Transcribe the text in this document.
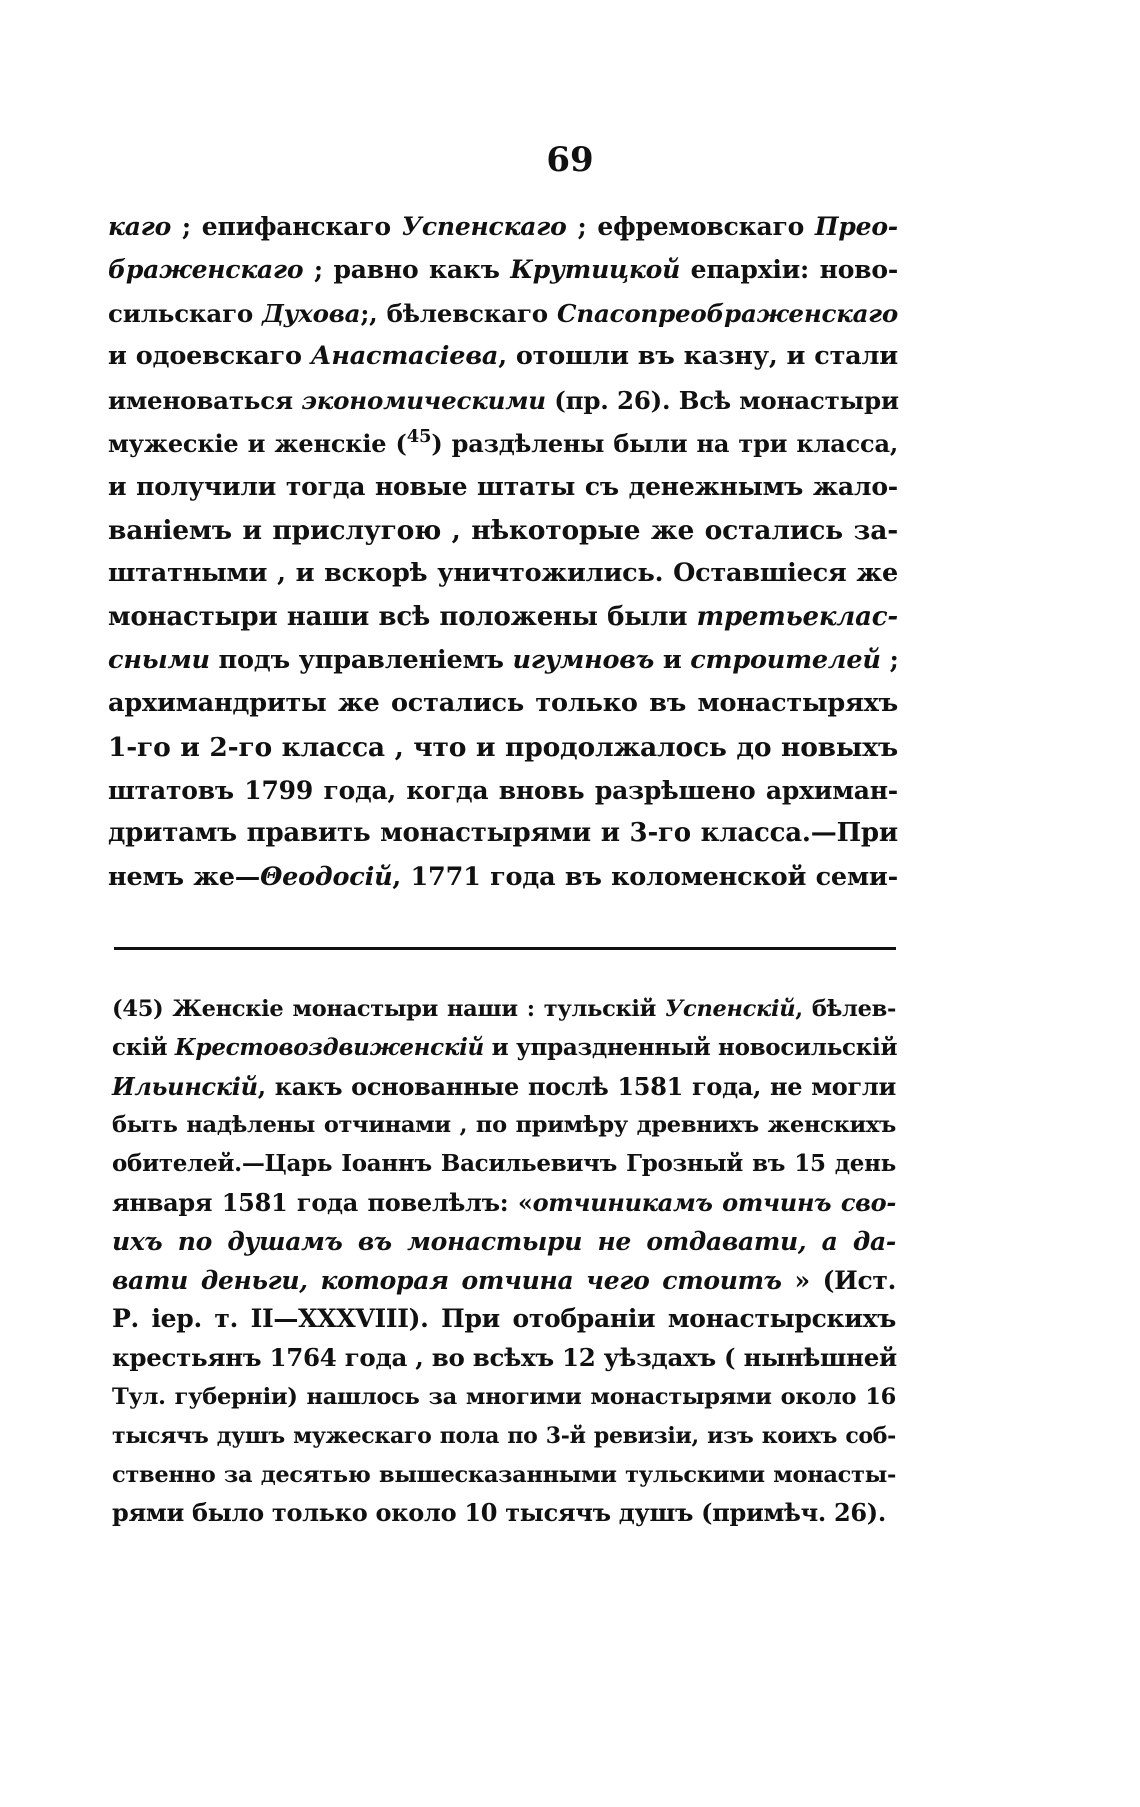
69
каго ; епифанскаго Успенскаго ; ефремовскаго Прео-
браженскаго ; равно какъ Крутицкой епархiи: ново-
сильскаго Духова;, бѣлевскаго Спасопреображенскаго
и одоевскаго Анастасiева, отошли въ казну, и стали
именоваться экономическими (пр. 26). Всѣ монастыри
мужескiе и женскiе ($^{45}$) раздѣлены были на три класса,
и получили тогда новые штаты съ денежнымъ жало-
ванiемъ и прислугою , нѣкоторые же остались за-
штатными , и вскорѣ уничтожились. Оставшiеся же
монастыри наши всѣ положены были третьеклас-
сными подъ управленiемъ игумновъ и строителей ;
архимандриты же остались только въ монастыряхъ
1-го и 2-го класса , что и продолжалось до новыхъ
штатовъ 1799 года, когда вновь разрѣшено архиман-
дритамъ править монастырями и 3-го класса.—При
немъ же—Θеодосiй, 1771 года въ коломенской семи-
(45) Женскiе монастыри наши : тульскiй Успенскiй, бѣлев-
скiй Крестовоздвиженскiй и упраздненный новосильскiй
Ильинскiй, какъ основанные послѣ 1581 года, не могли
быть надѣлены отчинами , по примѣру древнихъ женскихъ
обителей.—Царь Iоаннъ Васильевичъ Грозный въ 15 день
января 1581 года повелѣлъ: «отчиникамъ отчинъ сво-
ихъ по душамъ въ монастыри не отдавати, а да-
вати деньги, которая отчина чего стоитъ » (Ист.
Р. iер. т. II—XXXVIII). При отобранiи монастырскихъ
крестьянъ 1764 года , во всѣхъ 12 уѣздахъ ( нынѣшней
Тул. губернiи) нашлось за многими монастырями около 16
тысячъ душъ мужескаго пола по 3-й ревизiи, изъ коихъ соб-
ственно за десятью вышесказанными тульскими монасты-
рями было только около 10 тысячъ душъ (примѣч. 26).
